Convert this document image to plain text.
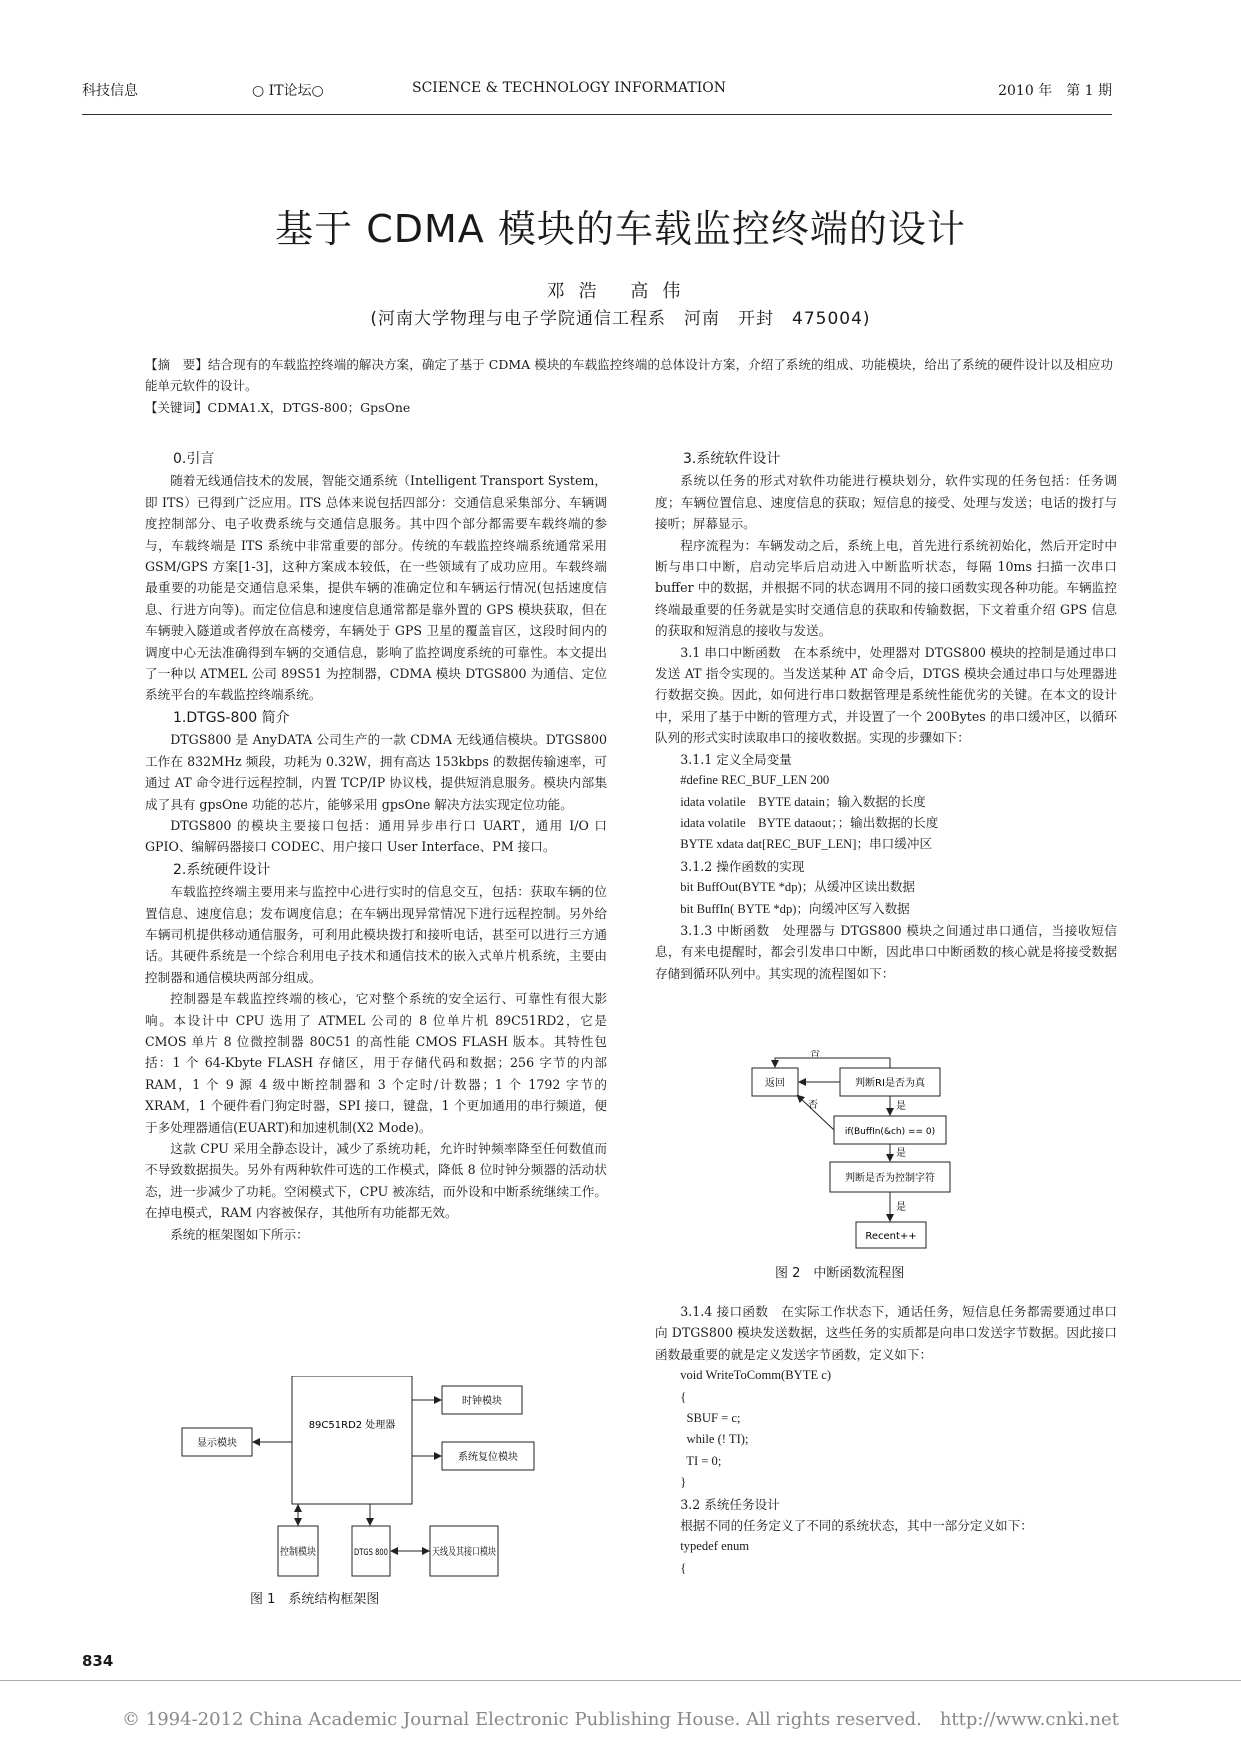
科技信息	○ IT论坛○	SCIENCE & TECHNOLOGY INFORMATION	2010 年　第 1 期
基于 CDMA 模块的车载监控终端的设计
邓浩 高伟
(河南大学物理与电子学院通信工程系　河南　开封　475004)
【摘　要】结合现有的车载监控终端的解决方案，确定了基于 CDMA 模块的车载监控终端的总体设计方案，介绍了系统的组成、功能模块，给出了系统的硬件设计以及相应功能单元软件的设计。
【关键词】CDMA1.X，DTGS-800；GpsOne

0.引言

随着无线通信技术的发展，智能交通系统（Intelligent Transport System，即 ITS）已得到广泛应用。ITS 总体来说包括四部分：交通信息采集部分、车辆调度控制部分、电子收费系统与交通信息服务。其中四个部分都需要车载终端的参与，车载终端是 ITS 系统中非常重要的部分。传统的车载监控终端系统通常采用 GSM/GPS 方案[1-3]，这种方案成本较低，在一些领域有了成功应用。车载终端最重要的功能是交通信息采集，提供车辆的准确定位和车辆运行情况(包括速度信息、行进方向等)。而定位信息和速度信息通常都是靠外置的 GPS 模块获取，但在车辆驶入隧道或者停放在高楼旁，车辆处于 GPS 卫星的覆盖盲区，这段时间内的调度中心无法准确得到车辆的交通信息，影响了监控调度系统的可靠性。本文提出了一种以 ATMEL 公司 89S51 为控制器，CDMA 模块 DTGS800 为通信、定位系统平台的车载监控终端系统。

1.DTGS-800 简介

DTGS800 是 AnyDATA 公司生产的一款 CDMA 无线通信模块。DTGS800 工作在 832MHz 频段，功耗为 0.32W，拥有高达 153kbps 的数据传输速率，可通过 AT 命令进行远程控制，内置 TCP/IP 协议栈，提供短消息服务。模块内部集成了具有 gpsOne 功能的芯片，能够采用 gpsOne 解决方法实现定位功能。

DTGS800 的模块主要接口包括：通用异步串行口 UART，通用 I/O 口 GPIO、编解码器接口 CODEC、用户接口 User Interface、PM 接口。

2.系统硬件设计

车载监控终端主要用来与监控中心进行实时的信息交互，包括：获取车辆的位置信息、速度信息；发布调度信息；在车辆出现异常情况下进行远程控制。另外给车辆司机提供移动通信服务，可利用此模块拨打和接听电话，甚至可以进行三方通话。其硬件系统是一个综合利用电子技术和通信技术的嵌入式单片机系统，主要由控制器和通信模块两部分组成。

控制器是车载监控终端的核心，它对整个系统的安全运行、可靠性有很大影响。本设计中 CPU 选用了 ATMEL 公司的 8 位单片机 89C51RD2，它是 CMOS 单片 8 位微控制器 80C51 的高性能 CMOS FLASH 版本。其特性包括：1 个 64-Kbyte FLASH 存储区，用于存储代码和数据；256 字节的内部 RAM，1 个 9 源 4 级中断控制器和 3 个定时/计数器；1 个 1792 字节的 XRAM，1 个硬件看门狗定时器，SPI 接口，键盘，1 个更加通用的串行频道，便于多处理器通信(EUART)和加速机制(X2 Mode)。

这款 CPU 采用全静态设计，减少了系统功耗，允许时钟频率降至任何数值而不导致数据损失。另外有两种软件可选的工作模式，降低 8 位时钟分频器的活动状态，进一步减少了功耗。空闲模式下，CPU 被冻结，而外设和中断系统继续工作。在掉电模式，RAM 内容被保存，其他所有功能都无效。

系统的框架图如下所示：

89C51RD2 处理器
时钟模块
显示模块
系统复位模块
控制模块	DTGS 800	天线及其接口模块
图 1　系统结构框架图

3.系统软件设计

系统以任务的形式对软件功能进行模块划分，软件实现的任务包括：任务调度；车辆位置信息、速度信息的获取；短信息的接受、处理与发送；电话的拨打与接听；屏幕显示。

程序流程为：车辆发动之后，系统上电，首先进行系统初始化，然后开定时中断与串口中断，启动完毕后启动进入中断监听状态，每隔 10ms 扫描一次串口 buffer 中的数据，并根据不同的状态调用不同的接口函数实现各种功能。车辆监控终端最重要的任务就是实时交通信息的获取和传输数据，下文着重介绍 GPS 信息的获取和短消息的接收与发送。

3.1 串口中断函数　在本系统中，处理器对 DTGS800 模块的控制是通过串口发送 AT 指令实现的。当发送某种 AT 命令后，DTGS 模块会通过串口与处理器进行数据交换。因此，如何进行串口数据管理是系统性能优劣的关键。在本文的设计中，采用了基于中断的管理方式，并设置了一个 200Bytes 的串口缓冲区，以循环队列的形式实时读取串口的接收数据。实现的步骤如下：

3.1.1 定义全局变量

#define REC_BUF_LEN 200

idata volatile　BYTE datain；输入数据的长度

idata volatile　BYTE dataout；；输出数据的长度

BYTE xdata dat[REC_BUF_LEN]；串口缓冲区

3.1.2 操作函数的实现

bit BuffOut(BYTE *dp)；从缓冲区读出数据

bit BuffIn( BYTE *dp)；向缓冲区写入数据

3.1.3 中断函数　处理器与 DTGS800 模块之间通过串口通信，当接收短信息，有来电提醒时，都会引发串口中断，因此串口中断函数的核心就是将接受数据存储到循环队列中。其实现的流程图如下：

返回	判断RI是否为真
否
否	是
if(BuffIn(&ch) == 0)
是
判断是否为控制字符
是
Recent++
图 2　中断函数流程图

3.1.4 接口函数　在实际工作状态下，通话任务，短信息任务都需要通过串口向 DTGS800 模块发送数据，这些任务的实质都是向串口发送字节数据。因此接口函数最重要的就是定义发送字节函数，定义如下：

void WriteToComm(BYTE c)

{

SBUF = c;

while (! TI);

TI = 0;

}

3.2 系统任务设计

根据不同的任务定义了不同的系统状态，其中一部分定义如下：

typedef enum

{

834
© 1994-2012 China Academic Journal Electronic Publishing House. All rights reserved.　http://www.cnki.net
